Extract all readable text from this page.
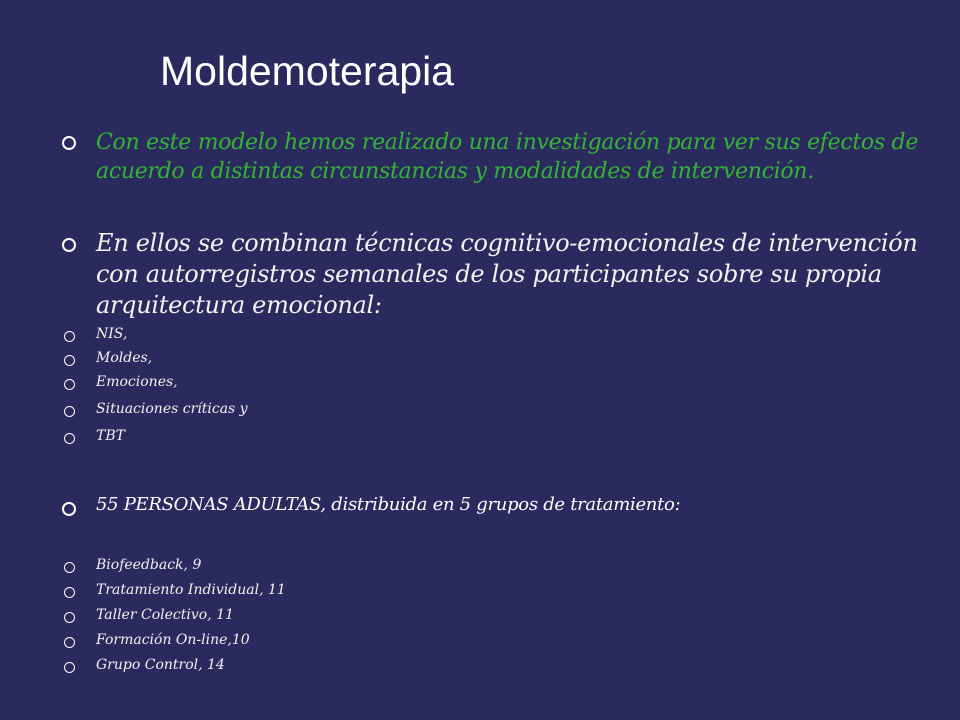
Moldemoterapia
Con este modelo hemos realizado una investigación para ver sus efectos de acuerdo a distintas circunstancias y modalidades de intervención.
En ellos se combinan técnicas cognitivo-emocionales de intervención con autorregistros semanales de los participantes sobre su propia arquitectura emocional:
NIS,
Moldes,
Emociones,
Situaciones críticas y
TBT
55 PERSONAS ADULTAS, distribuida en 5 grupos de tratamiento:
Biofeedback, 9
Tratamiento Individual, 11
Taller Colectivo, 11
Formación On-line,10
Grupo Control, 14
